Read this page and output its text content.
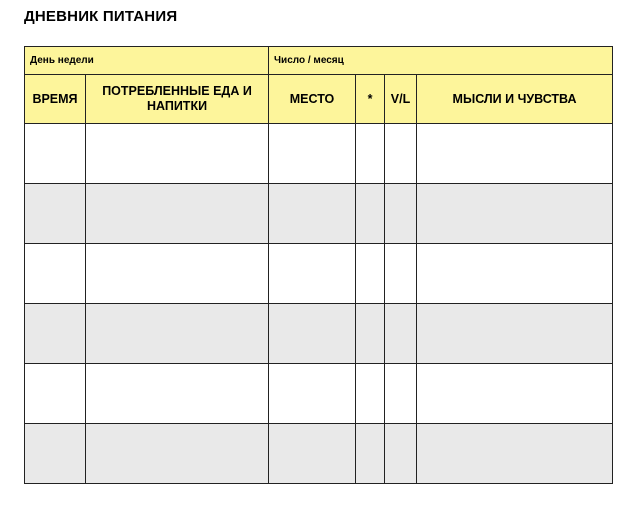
ДНЕВНИК ПИТАНИЯ
День недели		Число / месяц			
ВРЕМЯ	ПОТРЕБЛЕННЫЕ ЕДА И НАПИТКИ	МЕСТО	*	V/L	МЫСЛИ И ЧУВСТВА
